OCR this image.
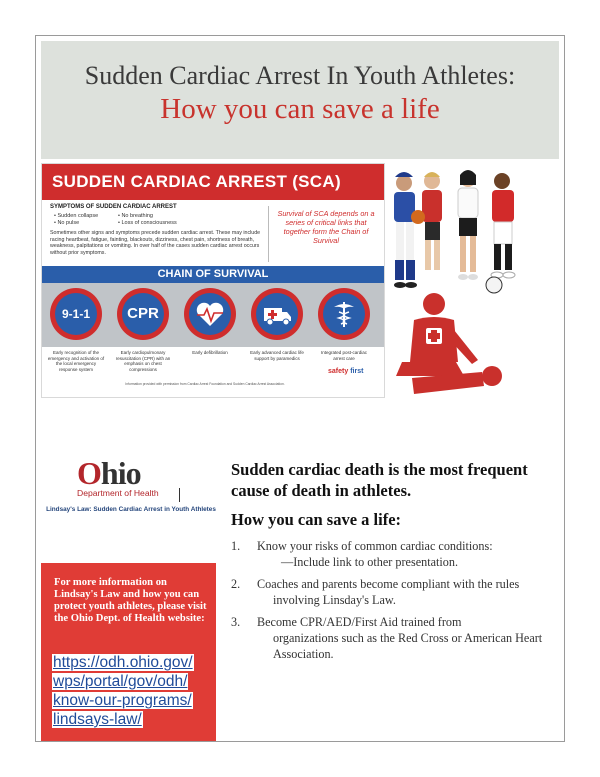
Sudden Cardiac Arrest In Youth Athletes:
How you can save a life
SUDDEN CARDIAC ARREST (SCA)
SYMPTOMS OF SUDDEN CARDIAC ARREST
• Sudden collapse
• No pulse
• No breathing
• Loss of consciousness
Sometimes other signs and symptoms precede sudden cardiac arrest. These may include racing heartbeat, fatigue, fainting, blackouts, dizziness, chest pain, shortness of breath, weakness, palpitations or vomiting. In over half of the cases sudden cardiac arrest occurs without prior symptoms.
Survival of SCA depends on a series of critical links that together form the Chain of Survival
CHAIN OF SURVIVAL
9-1-1	CPR
Early recognition of the emergency and activation of the local emergency response system
Early cardiopulmonary resuscitation (CPR) with an emphasis on chest compressions
Early defibrillation	Early advanced cardiac life support by paramedics
Integrated post-cardiac arrest care
safety first
Information provided with permission from Cardiac Arrest Foundation and Sudden Cardiac Arrest Association.
Ohio
Department of Health
Lindsay's Law: Sudden Cardiac Arrest in Youth Athletes
For more information on Lindsay's Law and how you can protect youth athletes, please visit the Ohio Dept. of Health website:
https://odh.ohio.gov/
wps/portal/gov/odh/
know-our-programs/
lindsays-law/
Sudden cardiac death is the most frequent cause of death in athletes.
How you can save a life:
1. Know your risks of common cardiac conditions:
—Include link to other presentation.
2. Coaches and parents become compliant with the rules
involving Linsday's Law.
3. Become CPR/AED/First Aid trained from
organizations such as the Red Cross or American Heart Association.
